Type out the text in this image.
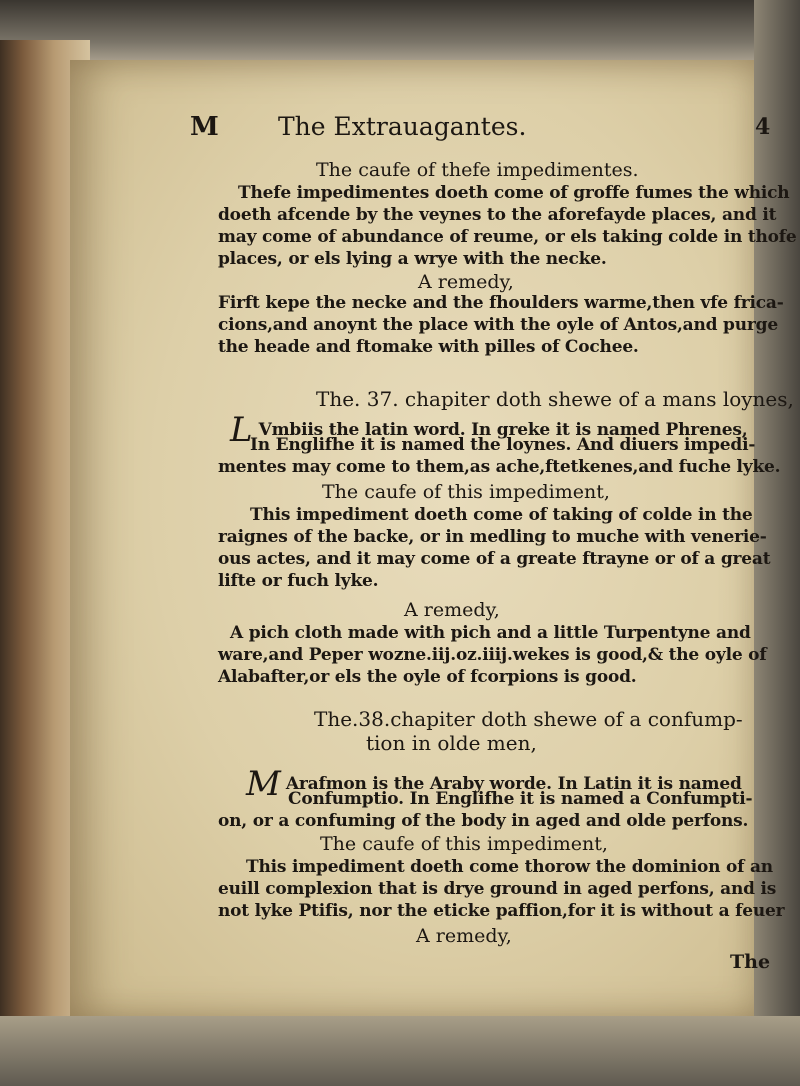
M The Extrauagantes.	4
The caufe of thefe impedimentes.
Thefe impedimentes doeth come of groffe fumes the which
doeth afcende by the veynes to the aforefayde places, and it
may come of abundance of reume, or els taking colde in thofe
places, or els lying a wrye with the necke.
A remedy,
Firft kepe the necke and the fhoulders warme,then vfe frica-
cions,and anoynt the place with the oyle of Antos,and purge
the heade and ftomake with pilles of Cochee.
The. 37. chapiter doth shewe of a mans loynes,
L Vmbiis the latin word. In greke it is named Phrenes,
In Englifhe it is named the loynes. And diuers impedi-
mentes may come to them,as ache,ftetkenes,and fuche lyke.
The caufe of this impediment,
This impediment doeth come of taking of colde in the
raignes of the backe, or in medling to muche with venerie-
ous actes, and it may come of a greate ftrayne or of a great
lifte or fuch lyke.
A remedy,
A pich cloth made with pich and a little Turpentyne and
ware,and Peper wozne.iij.oz.iiij.wekes is good,& the oyle of
Alabafter,or els the oyle of fcorpions is good.
The.38.chapiter doth shewe of a confump-
tion in olde men,
M Arafmon is the Araby worde. In Latin it is named
Confumptio. In Englifhe it is named a Confumpti-
on, or a confuming of the body in aged and olde perfons.
The caufe of this impediment,
This impediment doeth come thorow the dominion of an
euill complexion that is drye ground in aged perfons, and is
not lyke Ptifis, nor the eticke paffion,for it is without a feuer
A remedy,
The
